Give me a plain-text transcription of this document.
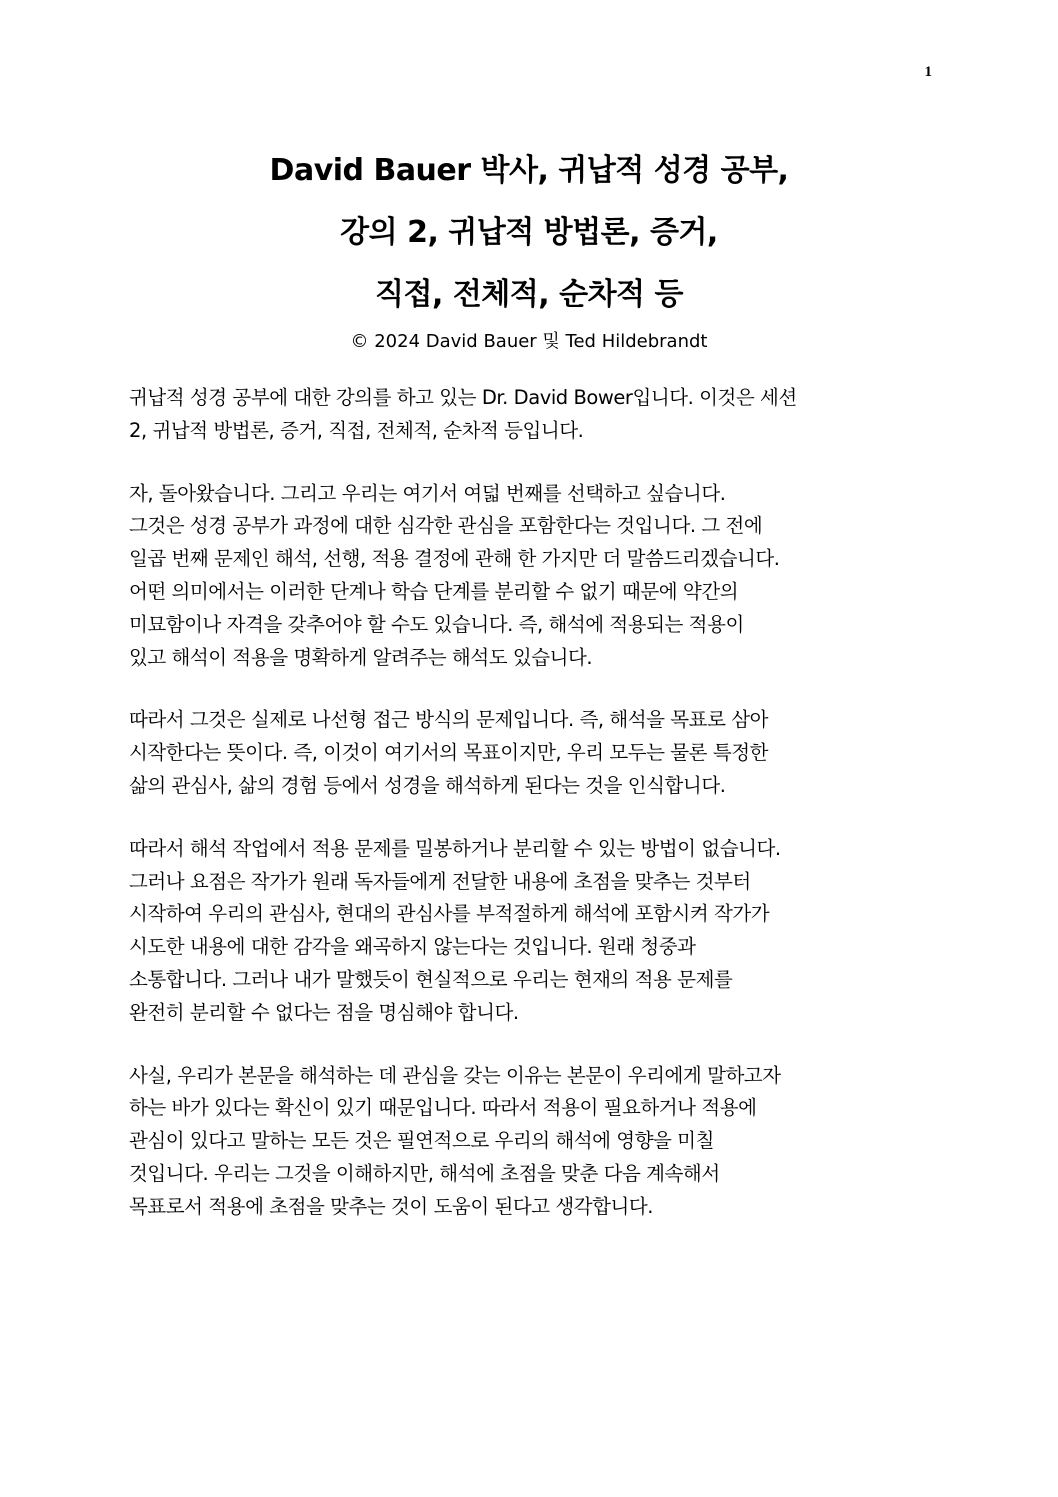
1
David Bauer 박사, 귀납적 성경 공부,
강의 2, 귀납적 방법론, 증거,
직접, 전체적, 순차적 등
© 2024 David Bauer 및 Ted Hildebrandt
귀납적 성경 공부에 대한 강의를 하고 있는 Dr. David Bower입니다. 이것은 세션
2, 귀납적 방법론, 증거, 직접, 전체적, 순차적 등입니다.
자, 돌아왔습니다. 그리고 우리는 여기서 여덟 번째를 선택하고 싶습니다.
그것은 성경 공부가 과정에 대한 심각한 관심을 포함한다는 것입니다. 그 전에
일곱 번째 문제인 해석, 선행, 적용 결정에 관해 한 가지만 더 말씀드리겠습니다.
어떤 의미에서는 이러한 단계나 학습 단계를 분리할 수 없기 때문에 약간의
미묘함이나 자격을 갖추어야 할 수도 있습니다. 즉, 해석에 적용되는 적용이
있고 해석이 적용을 명확하게 알려주는 해석도 있습니다.
따라서 그것은 실제로 나선형 접근 방식의 문제입니다. 즉, 해석을 목표로 삼아
시작한다는 뜻이다. 즉, 이것이 여기서의 목표이지만, 우리 모두는 물론 특정한
삶의 관심사, 삶의 경험 등에서 성경을 해석하게 된다는 것을 인식합니다.
따라서 해석 작업에서 적용 문제를 밀봉하거나 분리할 수 있는 방법이 없습니다.
그러나 요점은 작가가 원래 독자들에게 전달한 내용에 초점을 맞추는 것부터
시작하여 우리의 관심사, 현대의 관심사를 부적절하게 해석에 포함시켜 작가가
시도한 내용에 대한 감각을 왜곡하지 않는다는 것입니다. 원래 청중과
소통합니다. 그러나 내가 말했듯이 현실적으로 우리는 현재의 적용 문제를
완전히 분리할 수 없다는 점을 명심해야 합니다.
사실, 우리가 본문을 해석하는 데 관심을 갖는 이유는 본문이 우리에게 말하고자
하는 바가 있다는 확신이 있기 때문입니다. 따라서 적용이 필요하거나 적용에
관심이 있다고 말하는 모든 것은 필연적으로 우리의 해석에 영향을 미칠
것입니다. 우리는 그것을 이해하지만, 해석에 초점을 맞춘 다음 계속해서
목표로서 적용에 초점을 맞추는 것이 도움이 된다고 생각합니다.
